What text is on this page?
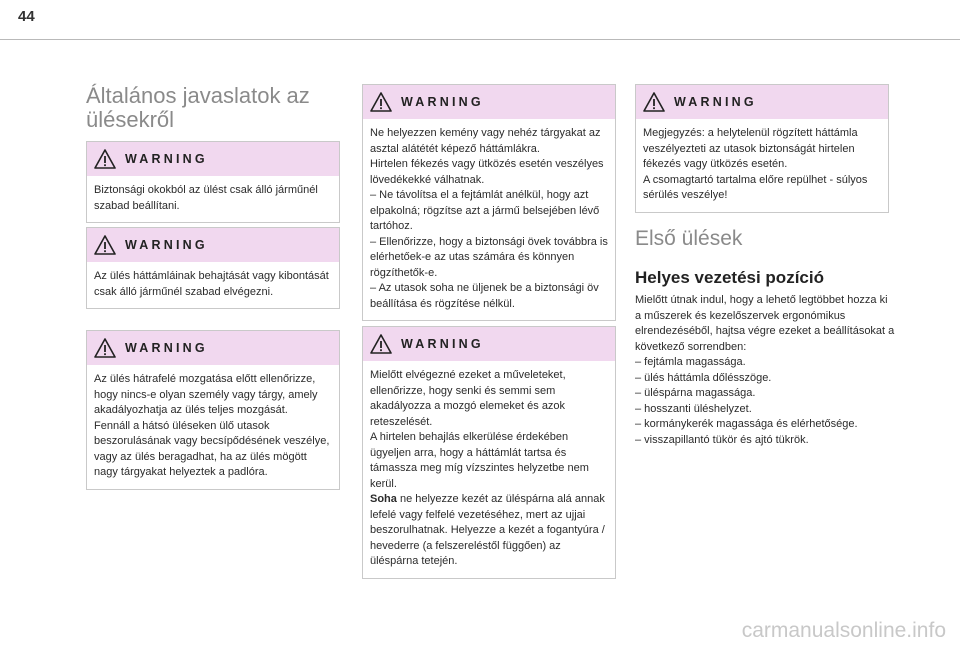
44
Általános javaslatok az ülésekről
WARNING

Biztonsági okokból az ülést csak álló járműnél szabad beállítani.

WARNING

Az ülés háttámláinak behajtását vagy kibontását csak álló járműnél szabad elvégezni.

WARNING

Az ülés hátrafelé mozgatása előtt ellenőrizze, hogy nincs-e olyan személy vagy tárgy, amely akadályozhatja az ülés teljes mozgását.

Fennáll a hátsó üléseken ülő utasok beszorulásának vagy becsípődésének veszélye, vagy az ülés beragadhat, ha az ülés mögött nagy tárgyakat helyeztek a padlóra.

WARNING

Ne helyezzen kemény vagy nehéz tárgyakat az asztal alátétét képező háttámlákra.

Hirtelen fékezés vagy ütközés esetén veszélyes lövedékekké válhatnak.

– Ne távolítsa el a fejtámlát anélkül, hogy azt elpakolná; rögzítse azt a jármű belsejében lévő tartóhoz.

– Ellenőrizze, hogy a biztonsági övek továbbra is elérhetőek-e az utas számára és könnyen rögzíthetők-e.

– Az utasok soha ne üljenek be a biztonsági öv beállítása és rögzítése nélkül.

WARNING

Mielőtt elvégezné ezeket a műveleteket, ellenőrizze, hogy senki és semmi sem akadályozza a mozgó elemeket és azok reteszelését.

A hirtelen behajlás elkerülése érdekében ügyeljen arra, hogy a háttámlát tartsa és támassza meg míg vízszintes helyzetbe nem kerül.

Soha ne helyezze kezét az üléspárna alá annak lefelé vagy felfelé vezetéséhez, mert az ujjai beszorulhatnak. Helyezze a kezét a fogantyúra / hevederre (a felszereléstől függően) az üléspárna tetején.

WARNING

Megjegyzés: a helytelenül rögzített háttámla veszélyezteti az utasok biztonságát hirtelen fékezés vagy ütközés esetén.

A csomagtartó tartalma előre repülhet - súlyos sérülés veszélye!

Első ülések
Helyes vezetési pozíció

Mielőtt útnak indul, hogy a lehető legtöbbet hozza ki a műszerek és kezelőszervek ergonómikus elrendezéséből, hajtsa végre ezeket a beállításokat a következő sorrendben:

– fejtámla magassága.

– ülés háttámla dőlésszöge.

– üléspárna magassága.

– hosszanti üléshelyzet.

– kormánykerék magassága és elérhetősége.

– visszapillantó tükör és ajtó tükrök.

carmanualsonline.info
